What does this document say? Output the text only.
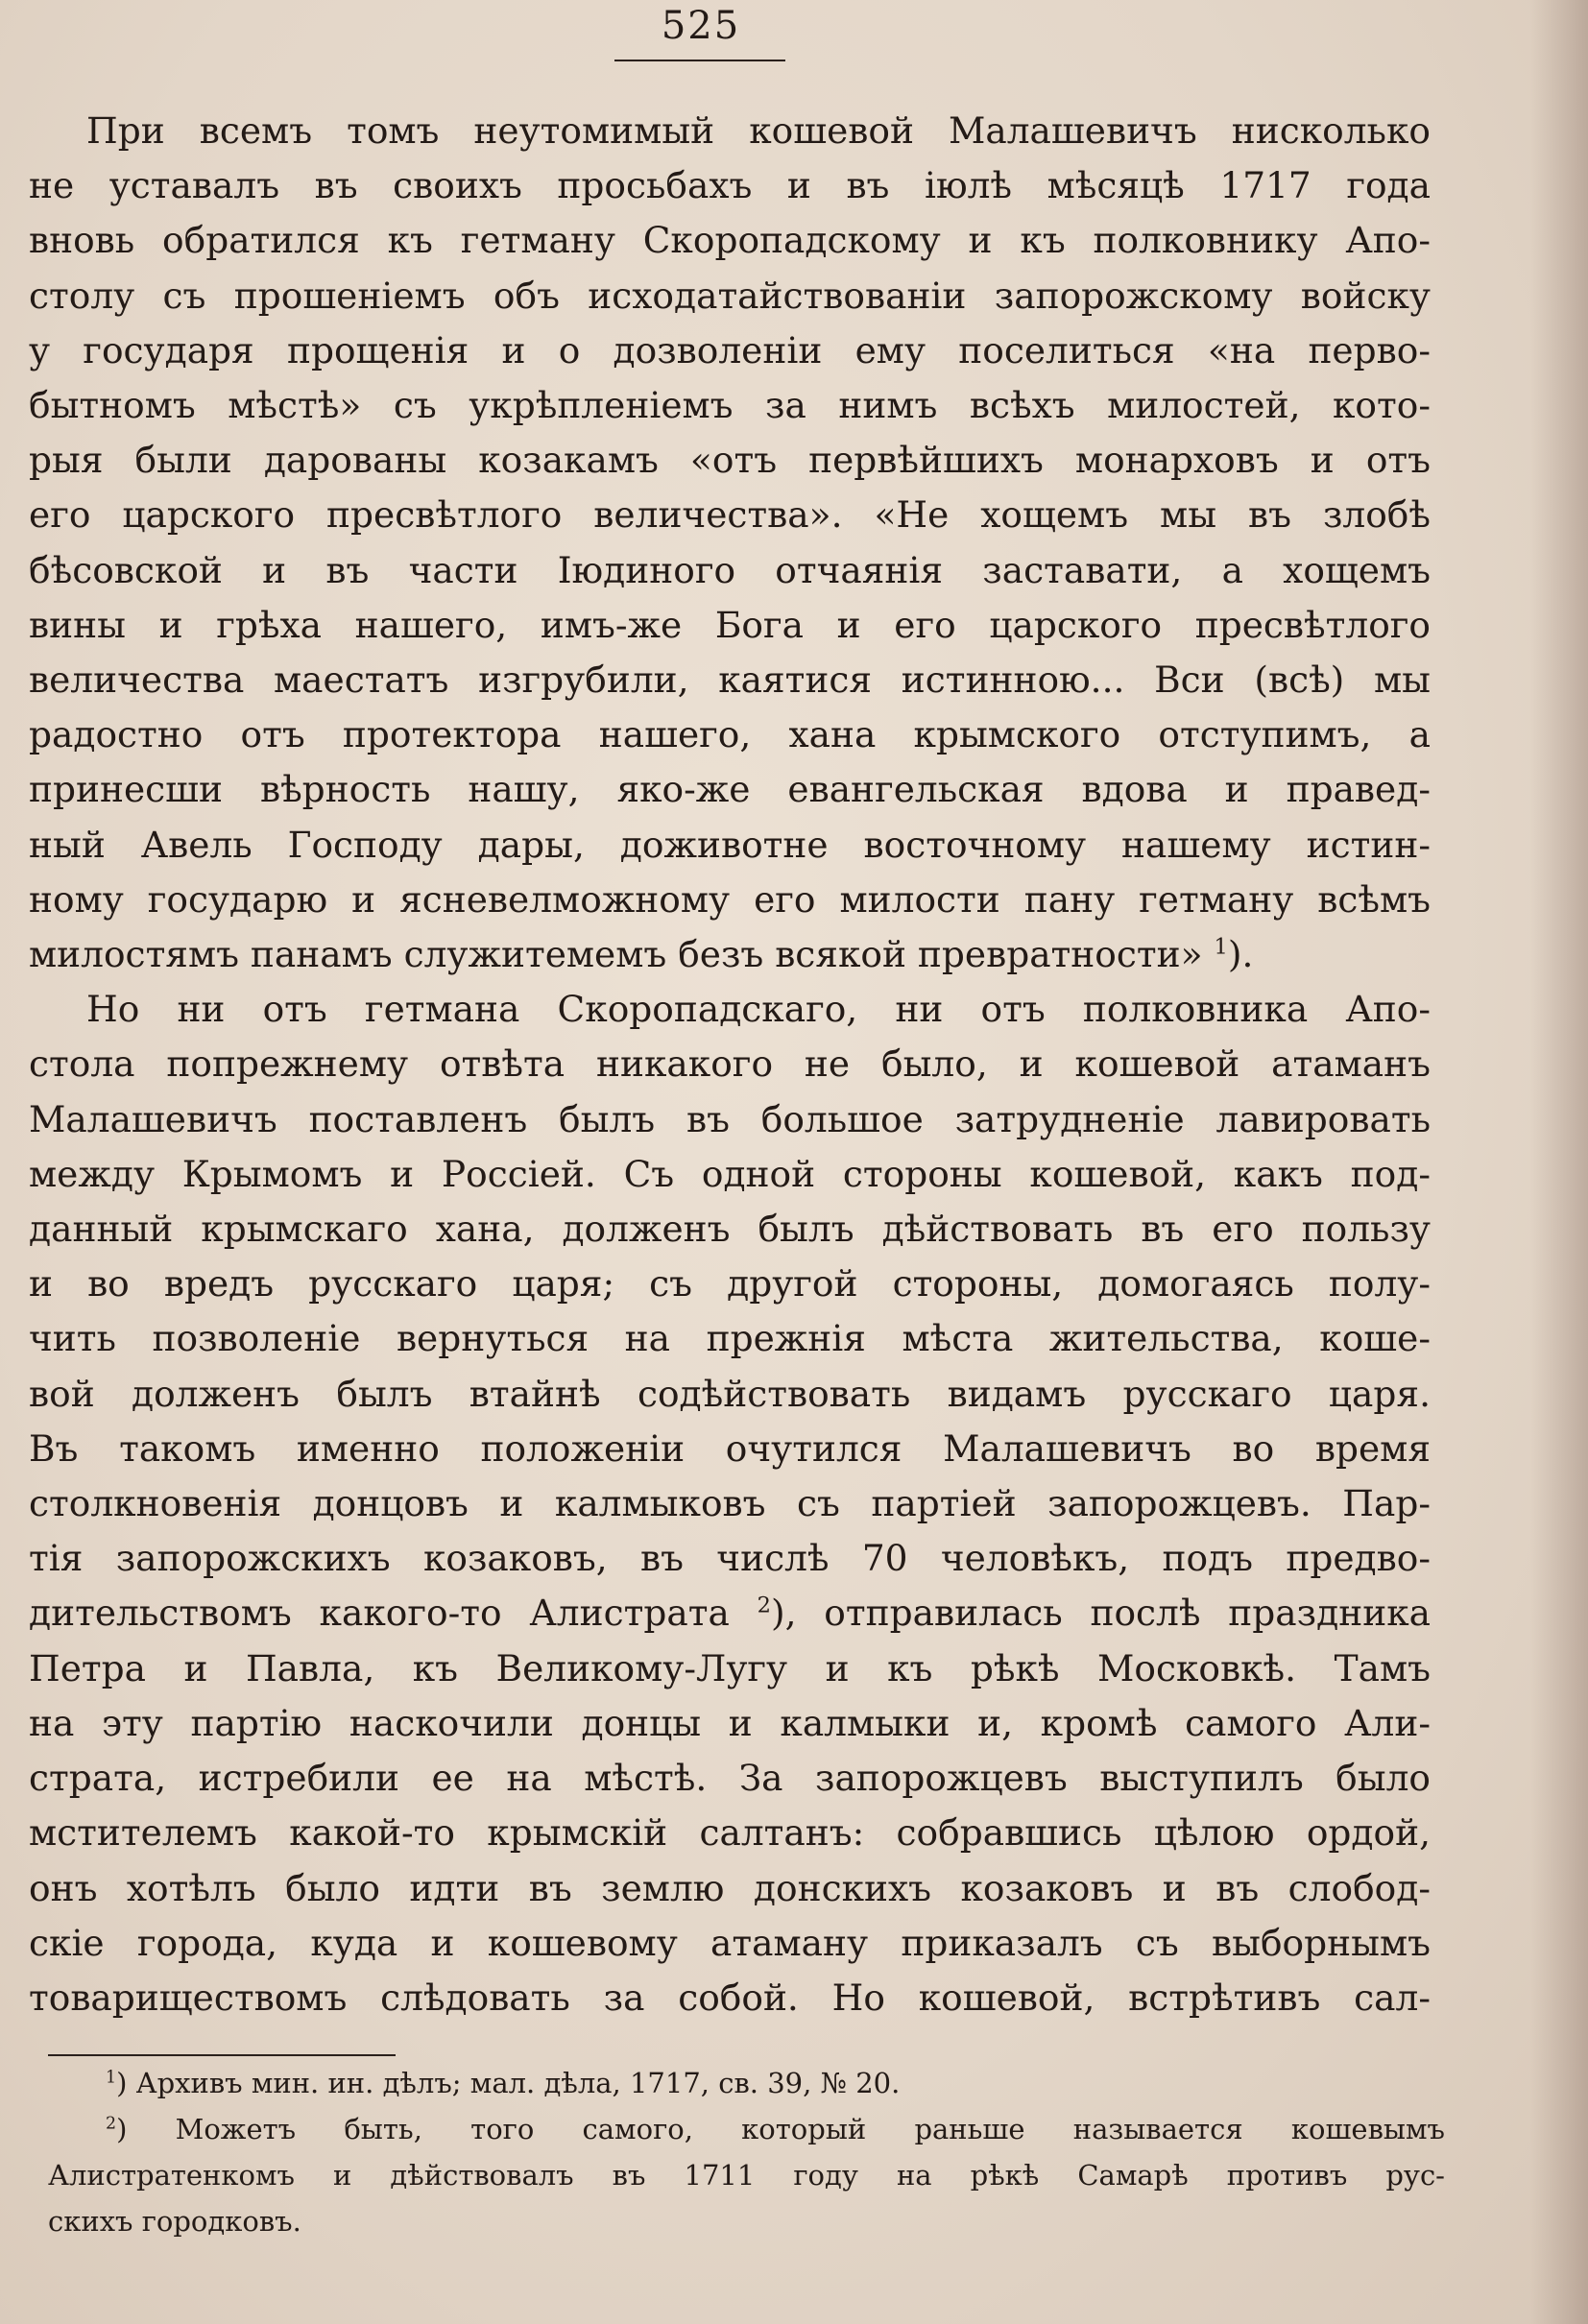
525

При всемъ томъ неутомимый кошевой Малашевичъ нисколько
не уставалъ въ своихъ просьбахъ и въ іюлѣ мѣсяцѣ 1717 года
вновь обратился къ гетману Скоропадскому и къ полковнику Апо-
столу съ прошеніемъ объ исходатайствованіи запорожскому войску
у государя прощенія и о дозволеніи ему поселиться «на перво-
бытномъ мѣстѣ» съ укрѣпленіемъ за нимъ всѣхъ милостей, кото-
рыя были дарованы козакамъ «отъ первѣйшихъ монарховъ и отъ
его царского пресвѣтлого величества». «Не хощемъ мы въ злобѣ
бѣсовской и въ части Іюдиного отчаянія заставати, а хощемъ
вины и грѣха нашего, имъ-же Бога и его царского пресвѣтлого
величества маестатъ изгрубили, каятися истинною... Вси (всѣ) мы
радостно отъ протектора нашего, хана крымского отступимъ, а
принесши вѣрность нашу, яко-же евангельская вдова и правед-
ный Авель Господу дары, доживотне восточному нашему истин-
ному государю и ясневелможному его милости пану гетману всѣмъ
милостямъ панамъ служитемемъ безъ всякой превратности» $^1$).

Но ни отъ гетмана Скоропадскаго, ни отъ полковника Апо-
стола попрежнему отвѣта никакого не было, и кошевой атаманъ
Малашевичъ поставленъ былъ въ большое затрудненіе лавировать
между Крымомъ и Россіей. Съ одной стороны кошевой, какъ под-
данный крымскаго хана, долженъ былъ дѣйствовать въ его пользу
и во вредъ русскаго царя; съ другой стороны, домогаясь полу-
чить позволеніе вернуться на прежнія мѣста жительства, коше-
вой долженъ былъ втайнѣ содѣйствовать видамъ русскаго царя.
Въ такомъ именно положеніи очутился Малашевичъ во время
столкновенія донцовъ и калмыковъ съ партіей запорожцевъ. Пар-
тія запорожскихъ козаковъ, въ числѣ 70 человѣкъ, подъ предво-
дительствомъ какого-то Алистрата $^2$), отправилась послѣ праздника
Петра и Павла, къ Великому-Лугу и къ рѣкѣ Московкѣ. Тамъ
на эту партію наскочили донцы и калмыки и, кромѣ самого Али-
страта, истребили ее на мѣстѣ. За запорожцевъ выступилъ было
мстителемъ какой-то крымскій салтанъ: собравшись цѣлою ордой,
онъ хотѣлъ было идти въ землю донскихъ козаковъ и въ слобод-
скіе города, куда и кошевому атаману приказалъ съ выборнымъ
товариществомъ слѣдовать за собой. Но кошевой, встрѣтивъ сал-

$^1$) Архивъ мин. ин. дѣлъ; мал. дѣла, 1717, св. 39, № 20.

$^2$) Можетъ быть, того самого, который раньше называется кошевымъ
Алистратенкомъ и дѣйствовалъ въ 1711 году на рѣкѣ Самарѣ противъ рус-
скихъ городковъ.
